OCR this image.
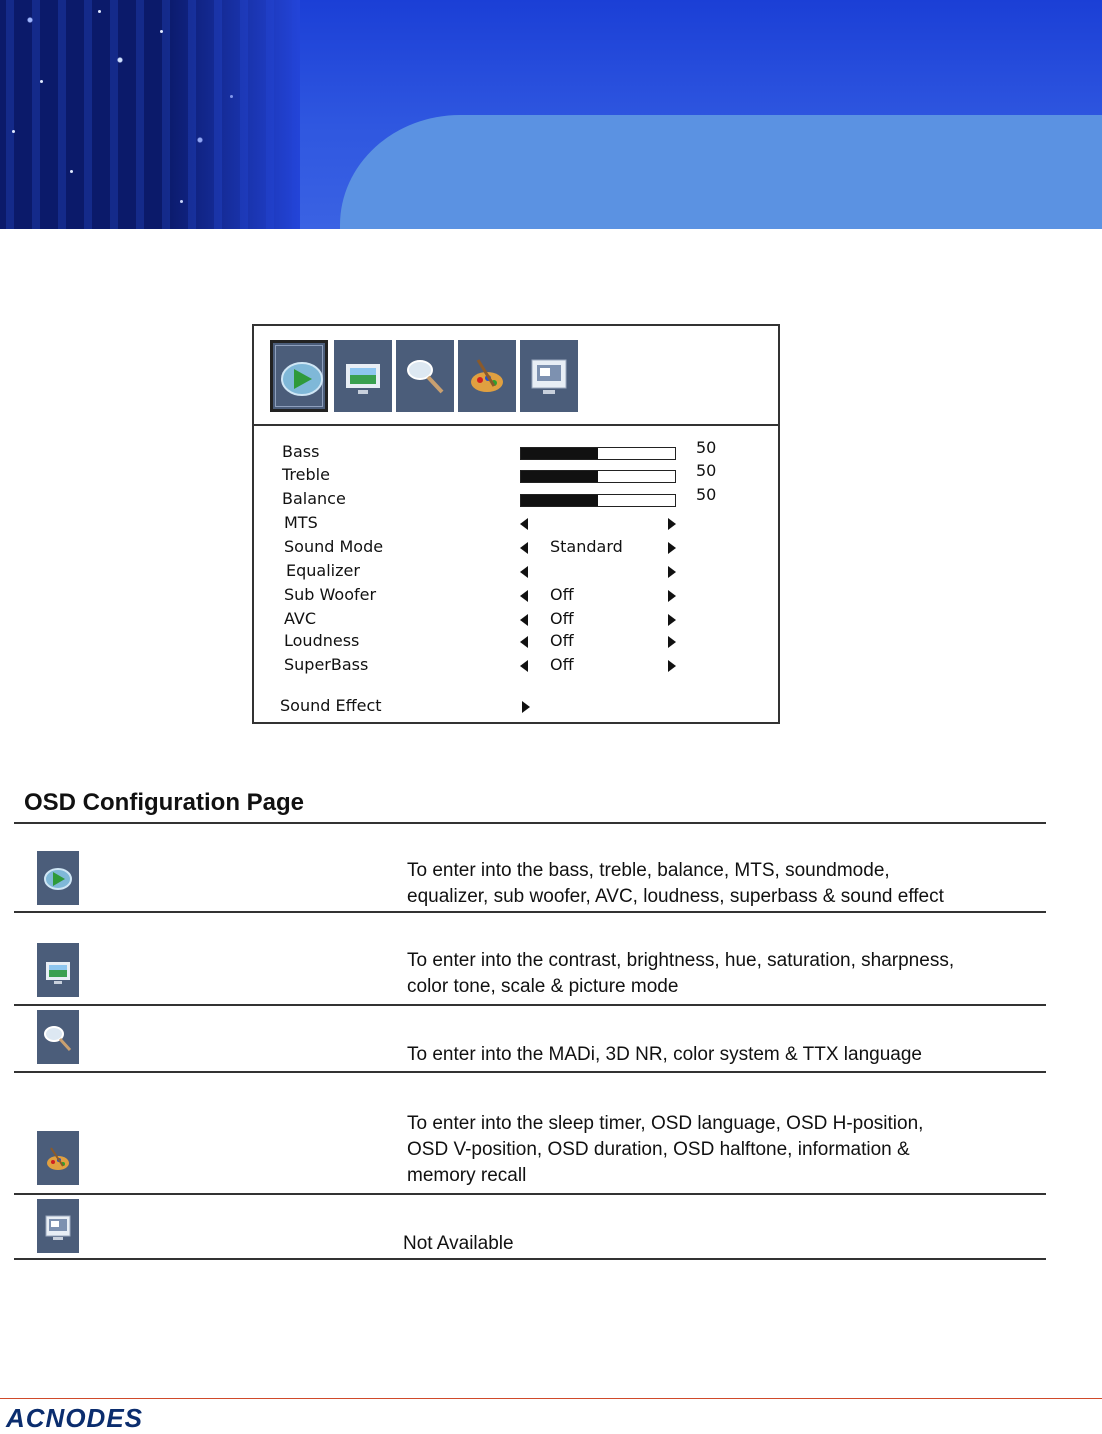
Bass	50
Treble	50
Balance	50
MTS
Sound Mode	Standard
Equalizer
Sub Woofer	Off
AVC	Off
Loudness	Off
SuperBass	Off
Sound Effect
OSD Configuration Page
To enter into the bass, treble, balance, MTS, soundmode,
equalizer, sub woofer, AVC, loudness, superbass & sound effect
To enter into the contrast, brightness, hue, saturation, sharpness,
color tone, scale & picture mode
To enter into the MADi, 3D NR, color system & TTX language
To enter into the sleep timer, OSD language, OSD H-position,
OSD V-position, OSD duration, OSD halftone, information &
memory recall
Not Available
ACNODES
